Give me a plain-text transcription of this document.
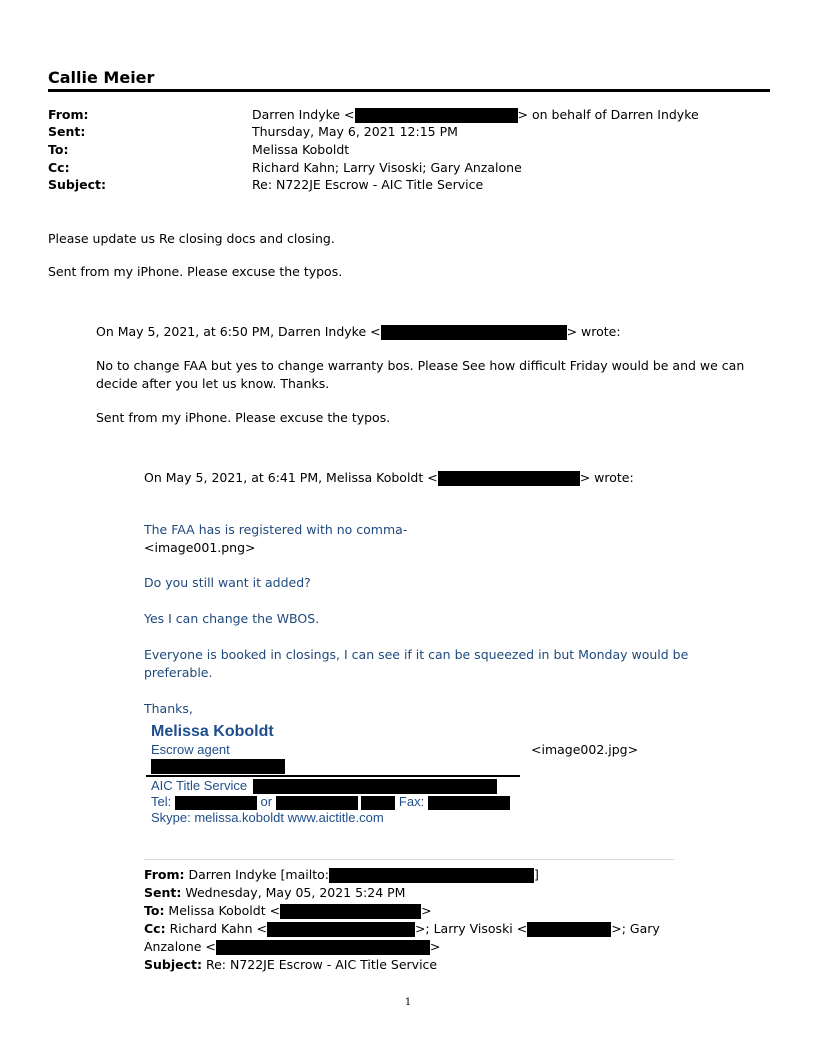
Callie Meier
From:	Darren Indyke <	> on behalf of Darren Indyke
Sent:	Thursday, May 6, 2021 12:15 PM
To:	Melissa Koboldt
Cc:	Richard Kahn; Larry Visoski; Gary Anzalone
Subject:	Re: N722JE Escrow - AIC Title Service
Please update us Re closing docs and closing.
Sent from my iPhone. Please excuse the typos.
On May 5, 2021, at 6:50 PM, Darren Indyke <	> wrote:
No to change FAA but yes to change warranty bos. Please See how difficult Friday would be and we can
decide after you let us know. Thanks.
Sent from my iPhone. Please excuse the typos.
On May 5, 2021, at 6:41 PM, Melissa Koboldt <	> wrote:
The FAA has is registered with no comma-
<image001.png>
Do you still want it added?
Yes I can change the WBOS.
Everyone is booked in closings, I can see if it can be squeezed in but Monday would be
preferable.
Thanks,
Melissa Koboldt
Escrow agent	<image002.jpg>
AIC Title Service
Tel:	or	Fax:
Skype: melissa.koboldt www.aictitle.com
From: Darren Indyke [mailto:	]
Sent: Wednesday, May 05, 2021 5:24 PM
To: Melissa Koboldt <	>
Cc: Richard Kahn <	>; Larry Visoski <	>; Gary
Anzalone <	>
Subject: Re: N722JE Escrow - AIC Title Service
1
